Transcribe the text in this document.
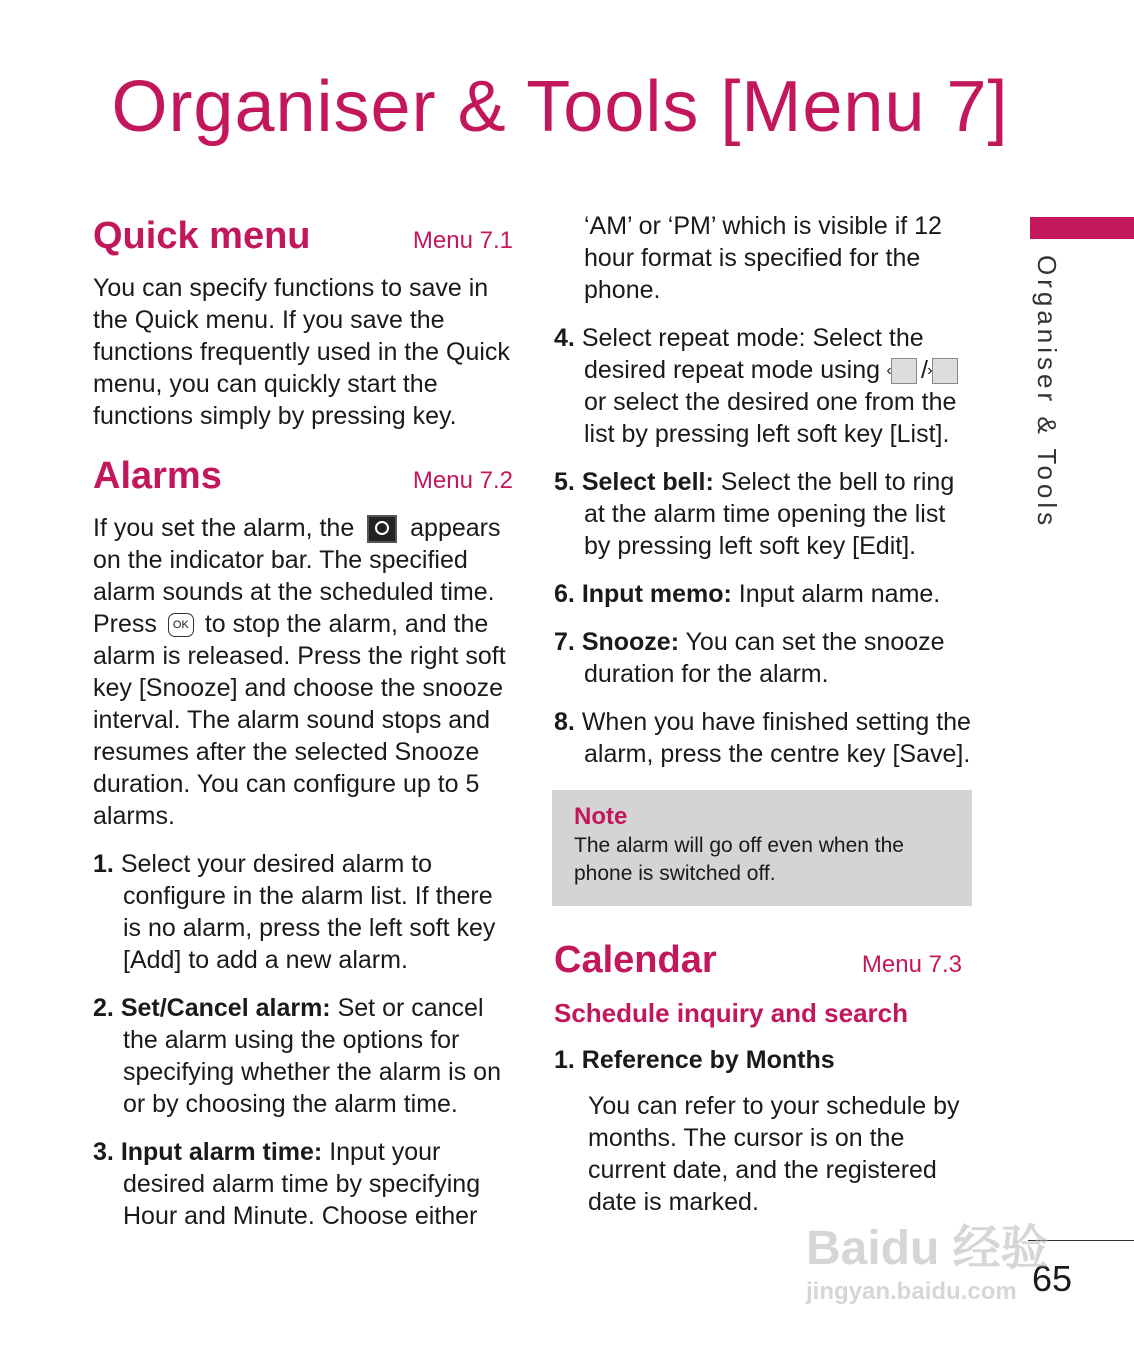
Organiser & Tools [Menu 7]
Quick menu	Menu 7.1

You can specify functions to save in the Quick menu. If you save the functions frequently used in the Quick menu, you can quickly start the functions simply by pressing key.

Alarms	Menu 7.2

If you set the alarm, the appears on the indicator bar. The specified alarm sounds at the scheduled time. Press OK to stop the alarm, and the alarm is released. Press the right soft key [Snooze] and choose the snooze interval. The alarm sound stops and resumes after the selected Snooze duration. You can configure up to 5 alarms.

1. Select your desired alarm to configure in the alarm list. If there is no alarm, press the left soft key [Add] to add a new alarm.
2. Set/Cancel alarm: Set or cancel the alarm using the options for specifying whether the alarm is on or by choosing the alarm time.
3. Input alarm time: Input your desired alarm time by specifying Hour and Minute. Choose either

‘AM’ or ‘PM’ which is visible if 12 hour format is specified for the phone.

4. Select repeat mode: Select the desired repeat mode using ‹ /› or select the desired one from the list by pressing left soft key [List].
5. Select bell: Select the bell to ring at the alarm time opening the list by pressing left soft key [Edit].
6. Input memo: Input alarm name.
7. Snooze: You can set the snooze duration for the alarm.
8. When you have finished setting the alarm, press the centre key [Save].
Note
The alarm will go off even when the phone is switched off.
Calendar	Menu 7.3
Schedule inquiry and search
1. Reference by Months

You can refer to your schedule by months. The cursor is on the current date, and the registered date is marked.

Organiser & Tools
65
Baidu 经验
jingyan.baidu.com
